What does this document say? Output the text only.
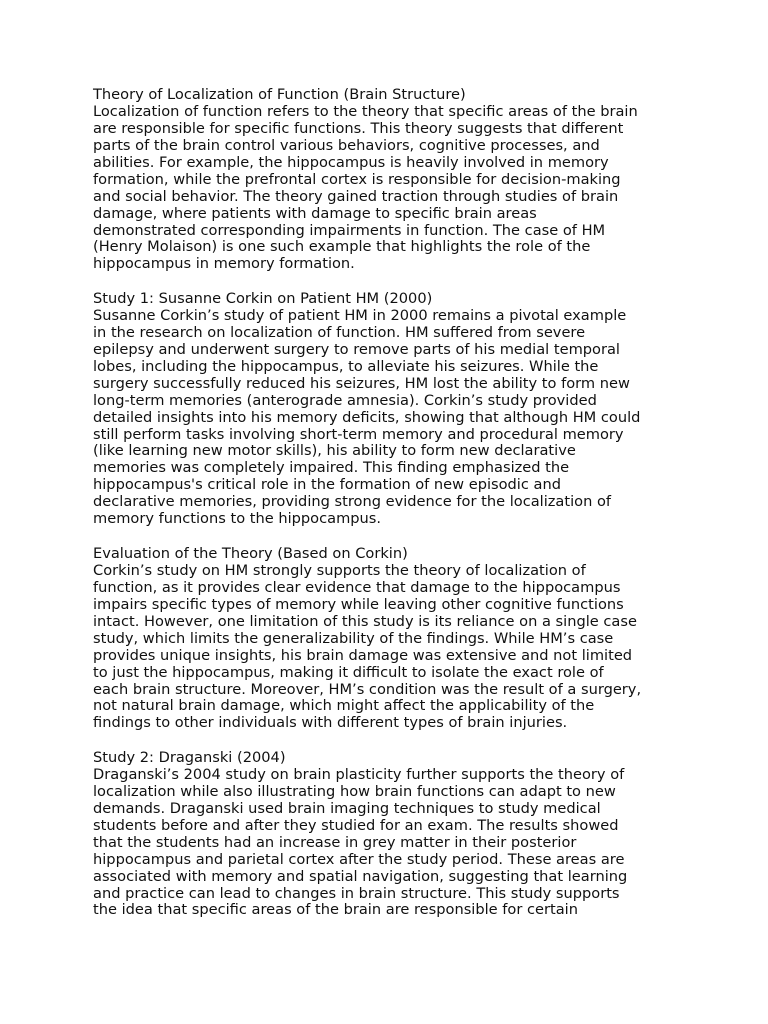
Theory of Localization of Function (Brain Structure)
Localization of function refers to the theory that specific areas of the brain
are responsible for specific functions. This theory suggests that different
parts of the brain control various behaviors, cognitive processes, and
abilities. For example, the hippocampus is heavily involved in memory
formation, while the prefrontal cortex is responsible for decision-making
and social behavior. The theory gained traction through studies of brain
damage, where patients with damage to specific brain areas
demonstrated corresponding impairments in function. The case of HM
(Henry Molaison) is one such example that highlights the role of the
hippocampus in memory formation.
Study 1: Susanne Corkin on Patient HM (2000)
Susanne Corkin’s study of patient HM in 2000 remains a pivotal example
in the research on localization of function. HM suffered from severe
epilepsy and underwent surgery to remove parts of his medial temporal
lobes, including the hippocampus, to alleviate his seizures. While the
surgery successfully reduced his seizures, HM lost the ability to form new
long-term memories (anterograde amnesia). Corkin’s study provided
detailed insights into his memory deficits, showing that although HM could
still perform tasks involving short-term memory and procedural memory
(like learning new motor skills), his ability to form new declarative
memories was completely impaired. This finding emphasized the
hippocampus's critical role in the formation of new episodic and
declarative memories, providing strong evidence for the localization of
memory functions to the hippocampus.
Evaluation of the Theory (Based on Corkin)
Corkin’s study on HM strongly supports the theory of localization of
function, as it provides clear evidence that damage to the hippocampus
impairs specific types of memory while leaving other cognitive functions
intact. However, one limitation of this study is its reliance on a single case
study, which limits the generalizability of the findings. While HM’s case
provides unique insights, his brain damage was extensive and not limited
to just the hippocampus, making it difficult to isolate the exact role of
each brain structure. Moreover, HM’s condition was the result of a surgery,
not natural brain damage, which might affect the applicability of the
findings to other individuals with different types of brain injuries.
Study 2: Draganski (2004)
Draganski’s 2004 study on brain plasticity further supports the theory of
localization while also illustrating how brain functions can adapt to new
demands. Draganski used brain imaging techniques to study medical
students before and after they studied for an exam. The results showed
that the students had an increase in grey matter in their posterior
hippocampus and parietal cortex after the study period. These areas are
associated with memory and spatial navigation, suggesting that learning
and practice can lead to changes in brain structure. This study supports
the idea that specific areas of the brain are responsible for certain
